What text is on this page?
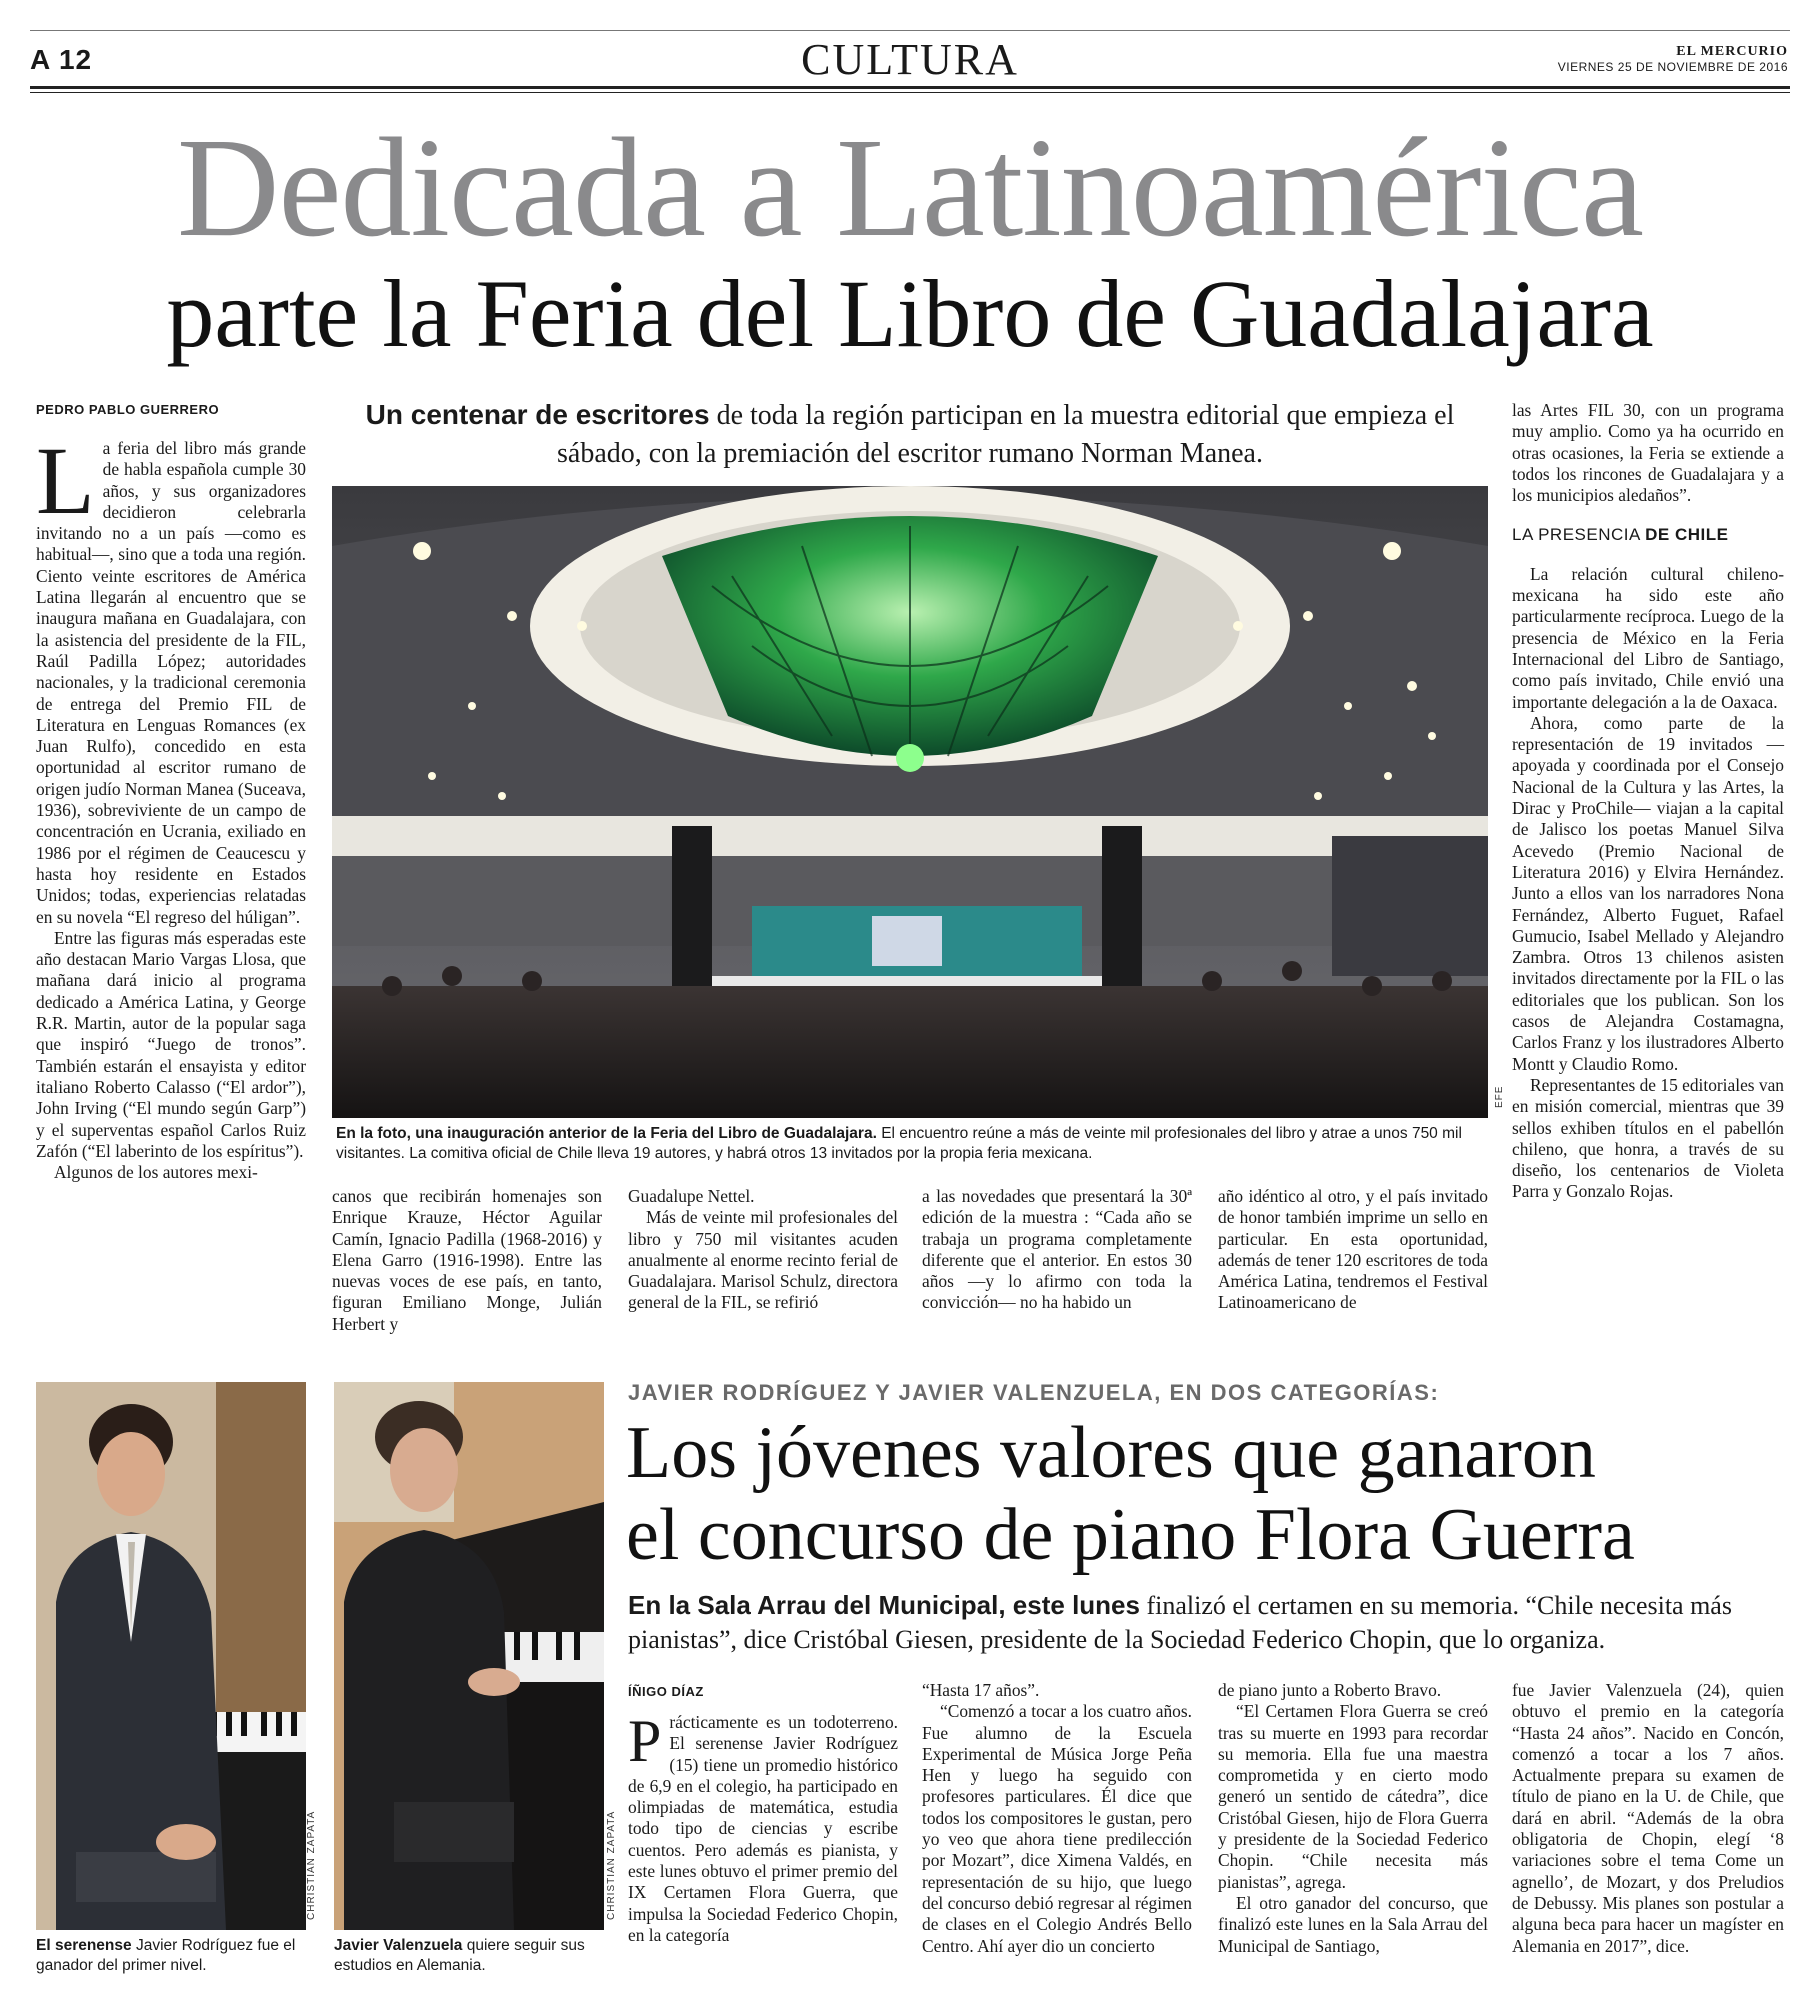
A 12	CULTURA	EL MERCURIO
VIERNES 25 DE NOVIEMBRE DE 2016
Dedicada a Latinoamérica
parte la Feria del Libro de Guadalajara
PEDRO PABLO GUERRERO	Un centenar de escritores de toda la región participan en la muestra editorial que empieza el sábado, con la premiación del escritor rumano Norman Manea.

La feria del libro más grande de habla española cumple 30 años, y sus organizadores decidieron celebrarla invitando no a un país —como es habitual—, sino que a toda una región. Ciento veinte escritores de América Latina llegarán al encuentro que se inaugura mañana en Guadalajara, con la asistencia del presidente de la FIL, Raúl Padilla López; autoridades nacionales, y la tradicional ceremonia de entrega del Premio FIL de Literatura en Lenguas Romances (ex Juan Rulfo), concedido en esta oportunidad al escritor rumano de origen judío Norman Manea (Suceava, 1936), sobreviviente de un campo de concentración en Ucrania, exiliado en 1986 por el régimen de Ceaucescu y hasta hoy residente en Estados Unidos; todas, experiencias relatadas en su novela “El regreso del húligan”.

Entre las figuras más esperadas este año destacan Mario Vargas Llosa, que mañana dará inicio al programa dedicado a América Latina, y George R.R. Martin, autor de la popular saga que inspiró “Juego de tronos”. También estarán el ensayista y editor italiano Roberto Calasso (“El ardor”), John Irving (“El mundo según Garp”) y el superventas español Carlos Ruiz Zafón (“El laberinto de los espíritus”).

Algunos de los autores mexi-

EFE
En la foto, una inauguración anterior de la Feria del Libro de Guadalajara. El encuentro reúne a más de veinte mil profesionales del libro y atrae a unos 750 mil visitantes. La comitiva oficial de Chile lleva 19 autores, y habrá otros 13 invitados por la propia feria mexicana.

canos que recibirán homenajes son Enrique Krauze, Héctor Aguilar Camín, Ignacio Padilla (1968-2016) y Elena Garro (1916-1998). Entre las nuevas voces de ese país, en tanto, figuran Emiliano Monge, Julián Herbert y

Guadalupe Nettel.

Más de veinte mil profesionales del libro y 750 mil visitantes acuden anualmente al enorme recinto ferial de Guadalajara. Marisol Schulz, directora general de la FIL, se refirió

a las novedades que presentará la 30ª edición de la muestra : “Cada año se trabaja un programa completamente diferente que el anterior. En estos 30 años —y lo afirmo con toda la convicción— no ha habido un

año idéntico al otro, y el país invitado de honor también imprime un sello en particular. En esta oportunidad, además de tener 120 escritores de toda América Latina, tendremos el Festival Latinoamericano de

las Artes FIL 30, con un programa muy amplio. Como ya ha ocurrido en otras ocasiones, la Feria se extiende a todos los rincones de Guadalajara y a los municipios aledaños”.

LA PRESENCIA DE CHILE

La relación cultural chileno-mexicana ha sido este año particularmente recíproca. Luego de la presencia de México en la Feria Internacional del Libro de Santiago, como país invitado, Chile envió una importante delegación a la de Oaxaca.

Ahora, como parte de la representación de 19 invitados —apoyada y coordinada por el Consejo Nacional de la Cultura y las Artes, la Dirac y ProChile— viajan a la capital de Jalisco los poetas Manuel Silva Acevedo (Premio Nacional de Literatura 2016) y Elvira Hernández. Junto a ellos van los narradores Nona Fernández, Alberto Fuguet, Rafael Gumucio, Isabel Mellado y Alejandro Zambra. Otros 13 chilenos asisten invitados directamente por la FIL o las editoriales que los publican. Son los casos de Alejandra Costamagna, Carlos Franz y los ilustradores Alberto Montt y Claudio Romo.

Representantes de 15 editoriales van en misión comercial, mientras que 39 sellos exhiben títulos en el pabellón chileno, que honra, a través de su diseño, los centenarios de Violeta Parra y Gonzalo Rojas.

CHRISTIAN ZAPATA
El serenense Javier Rodríguez fue el ganador del primer nivel.
CHRISTIAN ZAPATA
Javier Valenzuela quiere seguir sus estudios en Alemania.
JAVIER RODRÍGUEZ Y JAVIER VALENZUELA, EN DOS CATEGORÍAS:
Los jóvenes valores que ganaron
el concurso de piano Flora Guerra
En la Sala Arrau del Municipal, este lunes finalizó el certamen en su memoria. “Chile necesita más pianistas”, dice Cristóbal Giesen, presidente de la Sociedad Federico Chopin, que lo organiza.
ÍÑIGO DÍAZ

Prácticamente es un todoterreno. El serenense Javier Rodríguez (15) tiene un promedio histórico de 6,9 en el colegio, ha participado en olimpiadas de matemática, estudia todo tipo de ciencias y escribe cuentos. Pero además es pianista, y este lunes obtuvo el primer premio del IX Certamen Flora Guerra, que impulsa la Sociedad Federico Chopin, en la categoría

“Hasta 17 años”.

“Comenzó a tocar a los cuatro años. Fue alumno de la Escuela Experimental de Música Jorge Peña Hen y luego ha seguido con profesores particulares. Él dice que todos los compositores le gustan, pero yo veo que ahora tiene predilección por Mozart”, dice Ximena Valdés, en representación de su hijo, que luego del concurso debió regresar al régimen de clases en el Colegio Andrés Bello Centro. Ahí ayer dio un concierto

de piano junto a Roberto Bravo.

“El Certamen Flora Guerra se creó tras su muerte en 1993 para recordar su memoria. Ella fue una maestra comprometida y en cierto modo generó un sentido de cátedra”, dice Cristóbal Giesen, hijo de Flora Guerra y presidente de la Sociedad Federico Chopin. “Chile necesita más pianistas”, agrega.

El otro ganador del concurso, que finalizó este lunes en la Sala Arrau del Municipal de Santiago,

fue Javier Valenzuela (24), quien obtuvo el premio en la categoría “Hasta 24 años”. Nacido en Concón, comenzó a tocar a los 7 años. Actualmente prepara su examen de título de piano en la U. de Chile, que dará en abril. “Además de la obra obligatoria de Chopin, elegí ‘8 variaciones sobre el tema Come un agnello’, de Mozart, y dos Preludios de Debussy. Mis planes son postular a alguna beca para hacer un magíster en Alemania en 2017”, dice.
